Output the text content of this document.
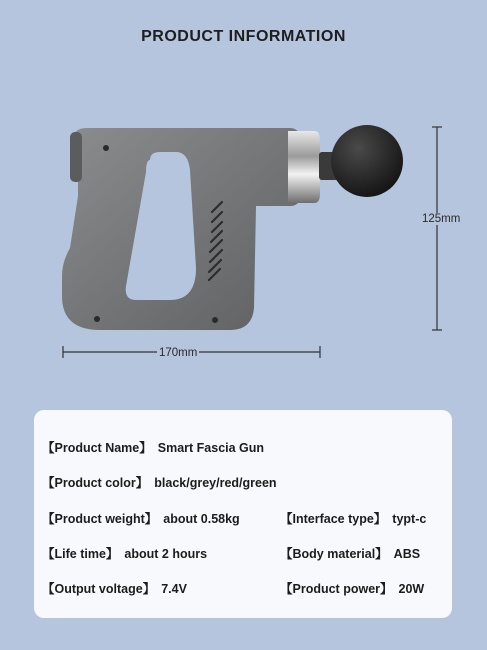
PRODUCT INFORMATION
125mm
170mm
【Product Name】 Smart Fascia Gun
【Product color】 black/grey/red/green
【Product weight】 about 0.58kg	【Interface type】 typt-c
【Life time】 about 2 hours	【Body material】 ABS
【Output voltage】 7.4V	【Product power】 20W
